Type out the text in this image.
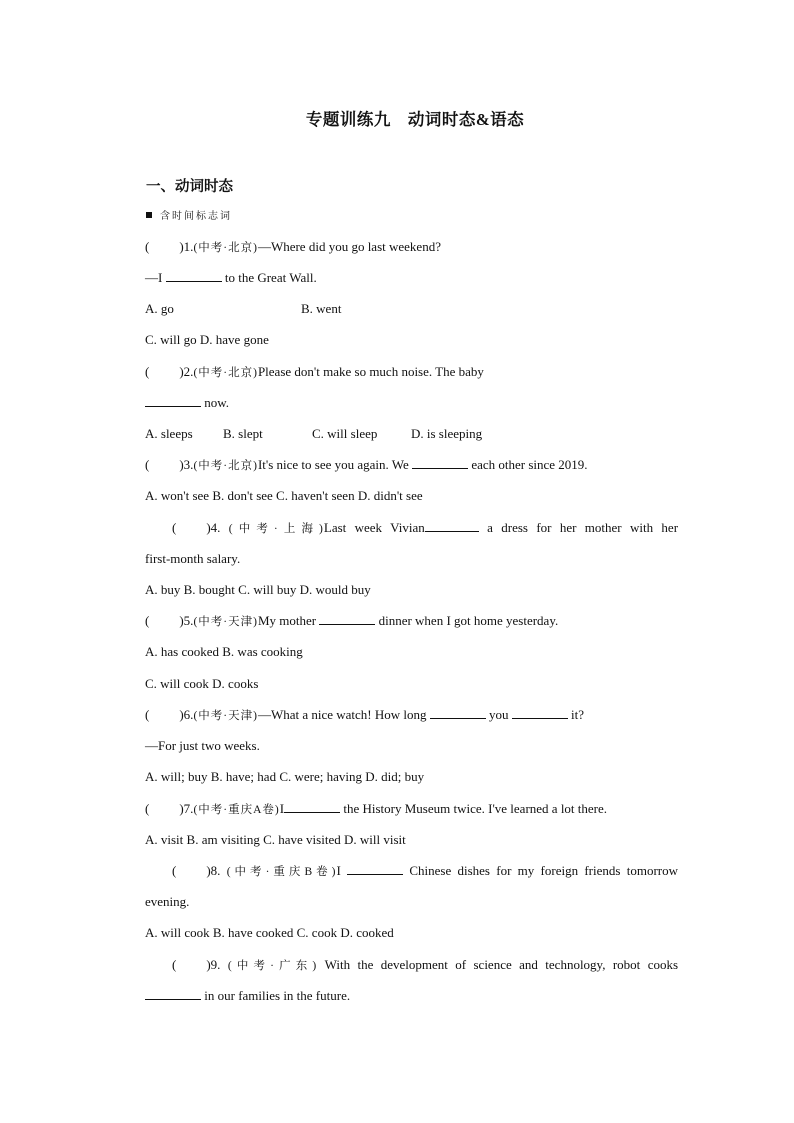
专题训练九　动词时态&语态
一、动词时态
含时间标志词
( )1.(中考·北京)—Where did you go last weekend?
—I	to the Great Wall.
A. go	B. went
C. will go D. have gone
( )2.(中考·北京)Please don't make so much noise. The baby
now.
A. sleeps B. slept	C. will sleep	D. is sleeping
( )3.(中考·北京)It's nice to see you again. We	each other since 2019.
A. won't see B. don't see C. haven't seen D. didn't see
( )4. (中考·上海)Last week Vivian	a dress for her mother with her
first-month salary.
A. buy B. bought C. will buy D. would buy
( )5.(中考·天津)My mother	dinner when I got home yesterday.
A. has cooked B. was cooking
C. will cook D. cooks
( )6.(中考·天津)—What a nice watch! How long	you	it?
—For just two weeks.
A. will; buy B. have; had C. were; having D. did; buy
( )7.(中考·重庆A卷)I	the History Museum twice. I've learned a lot there.
A. visit B. am visiting C. have visited D. will visit
( )8. (中考·重庆B卷)I	Chinese dishes for my foreign friends tomorrow
evening.
A. will cook B. have cooked C. cook D. cooked
( )9. (中考·广东) With the development of science and technology, robot cooks
in our families in the future.
